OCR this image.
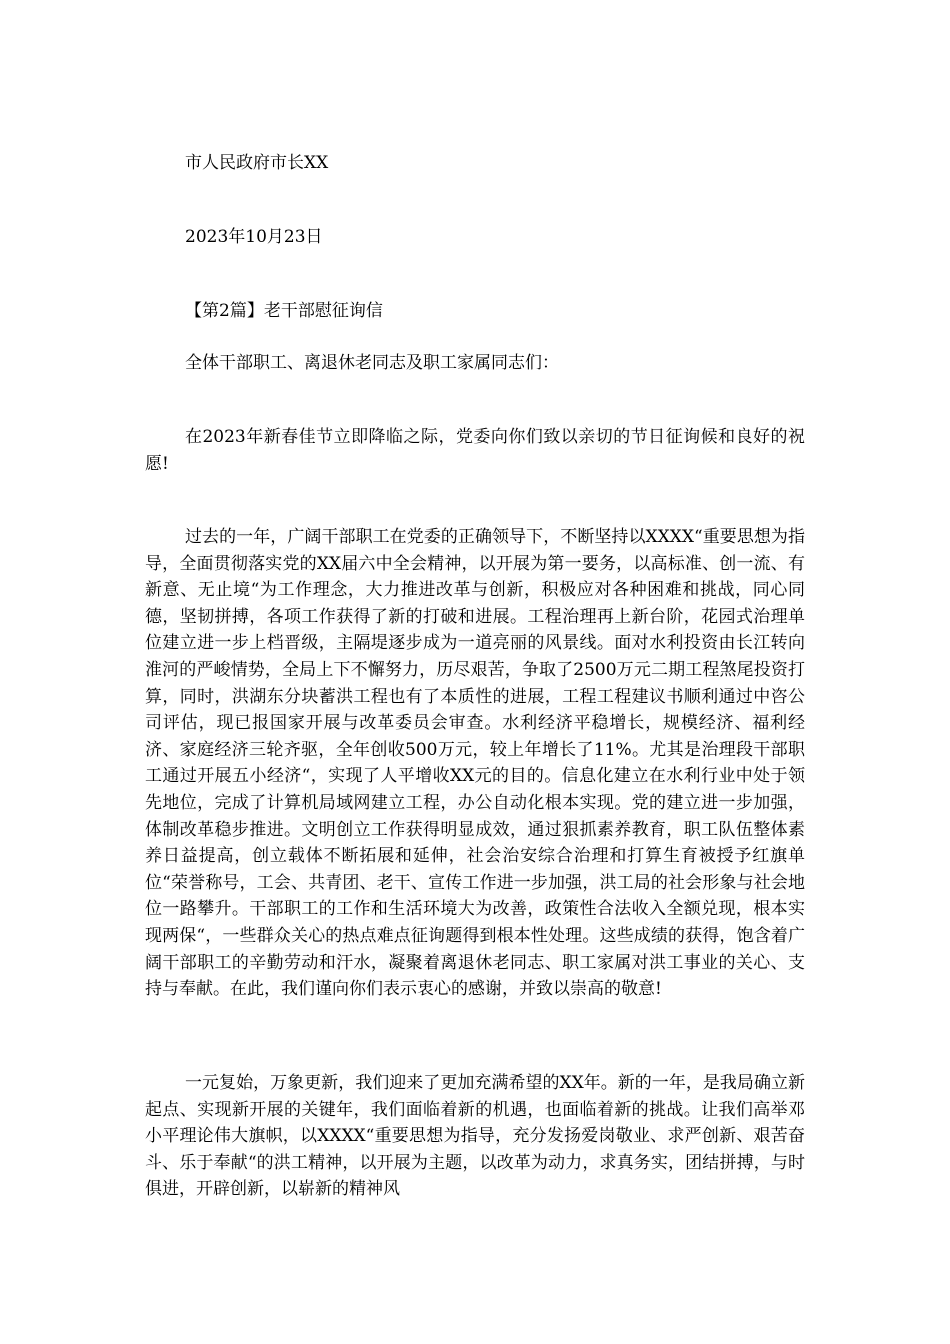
市人民政府市长XX
2023年10月23日
【第2篇】老干部慰征询信
全体干部职工、离退休老同志及职工家属同志们：
在2023年新春佳节立即降临之际，党委向你们致以亲切的节日征询候和良好的祝愿!
过去的一年，广阔干部职工在党委的正确领导下，不断坚持以XXXX“重要思想为指导，全面贯彻落实党的XX届六中全会精神，以开展为第一要务，以高标准、创一流、有新意、无止境“为工作理念，大力推进改革与创新，积极应对各种困难和挑战，同心同德，坚韧拼搏，各项工作获得了新的打破和进展。工程治理再上新台阶，花园式治理单位建立进一步上档晋级，主隔堤逐步成为一道亮丽的风景线。面对水利投资由长江转向淮河的严峻情势，全局上下不懈努力，历尽艰苦，争取了2500万元二期工程煞尾投资打算，同时，洪湖东分块蓄洪工程也有了本质性的进展，工程工程建议书顺利通过中咨公司评估，现已报国家开展与改革委员会审查。水利经济平稳增长，规模经济、福利经济、家庭经济三轮齐驱，全年创收500万元，较上年增长了11%。尤其是治理段干部职工通过开展五小经济“，实现了人平增收XX元的目的。信息化建立在水利行业中处于领先地位，完成了计算机局域网建立工程，办公自动化根本实现。党的建立进一步加强，体制改革稳步推进。文明创立工作获得明显成效，通过狠抓素养教育，职工队伍整体素养日益提高，创立载体不断拓展和延伸，社会治安综合治理和打算生育被授予红旗单位“荣誉称号，工会、共青团、老干、宣传工作进一步加强，洪工局的社会形象与社会地位一路攀升。干部职工的工作和生活环境大为改善，政策性合法收入全额兑现，根本实现两保“，一些群众关心的热点难点征询题得到根本性处理。这些成绩的获得，饱含着广阔干部职工的辛勤劳动和汗水，凝聚着离退休老同志、职工家属对洪工事业的关心、支持与奉献。在此，我们谨向你们表示衷心的感谢，并致以崇高的敬意!
一元复始，万象更新，我们迎来了更加充满希望的XX年。新的一年，是我局确立新起点、实现新开展的关键年，我们面临着新的机遇，也面临着新的挑战。让我们高举邓小平理论伟大旗帜，以XXXX“重要思想为指导，充分发扬爱岗敬业、求严创新、艰苦奋斗、乐于奉献“的洪工精神，以开展为主题，以改革为动力，求真务实，团结拼搏，与时俱进，开辟创新，以崭新的精神风
